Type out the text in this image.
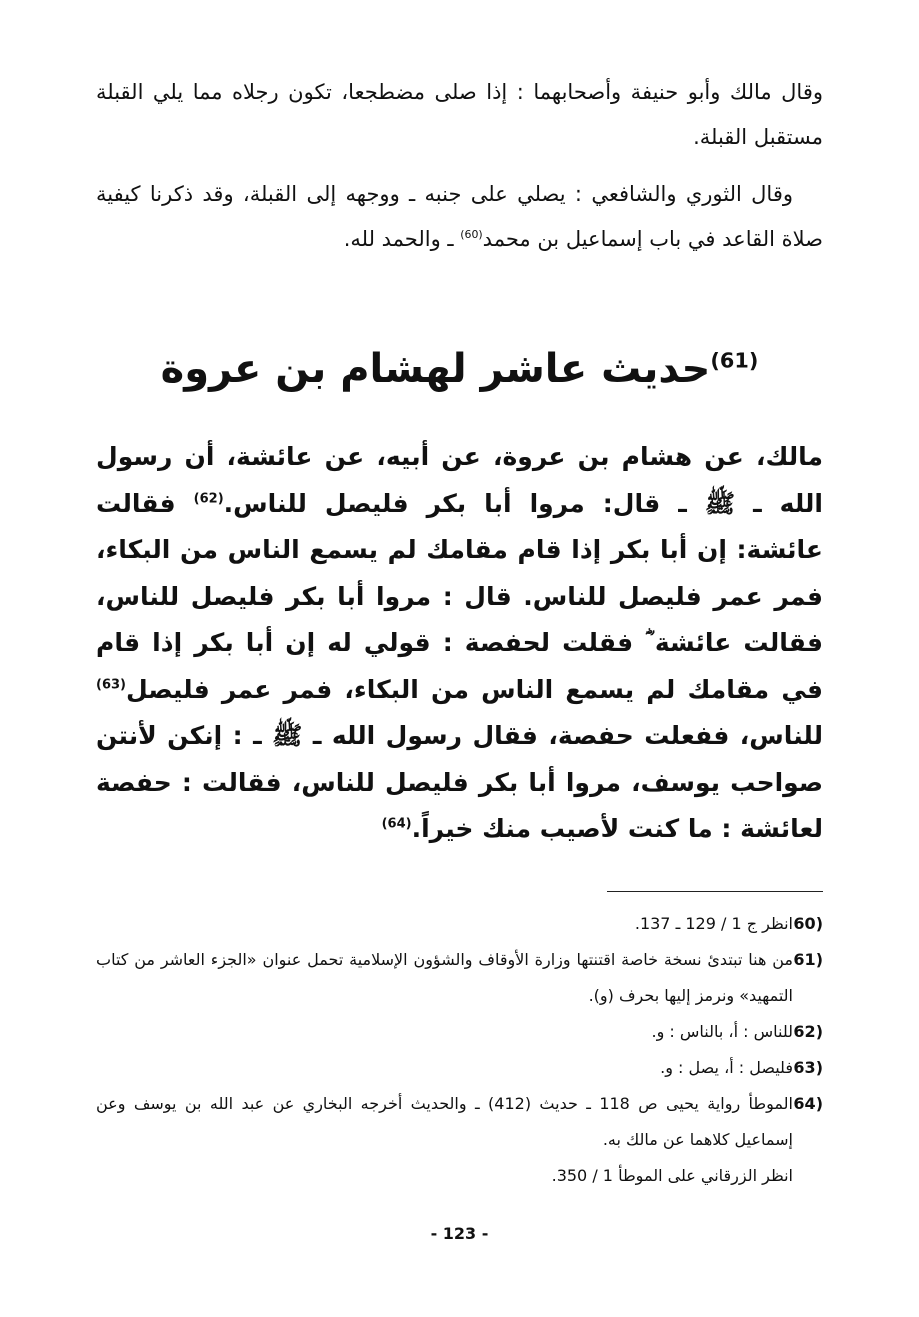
وقال مالك وأبو حنيفة وأصحابهما : إذا صلى مضطجعا، تكون رجلاه مما يلي القبلة مستقبل القبلة.

وقال الثوري والشافعي : يصلي على جنبه ـ ووجهه إلى القبلة، وقد ذكرنا كيفية صلاة القاعد في باب إسماعيل بن محمد$^{(60)}$ ـ والحمد لله.

$^{(61)}$حديث عاشر لهشام بن عروة

مالك، عن هشام بن عروة، عن أبيه، عن عائشة، أن رسول الله ـ ﷺ ـ قال: مروا أبا بكر فليصل للناس.$^{(62)}$ فقالت عائشة: إن أبا بكر إذا قام مقامك لم يسمع الناس من البكاء، فمر عمر فليصل للناس. قال : مروا أبا بكر فليصل للناس، فقالت عائشة ؓ فقلت لحفصة : قولي له إن أبا بكر إذا قام في مقامك لم يسمع الناس من البكاء، فمر عمر فليصل$^{(63)}$ للناس، ففعلت حفصة، فقال رسول الله ـ ﷺ ـ : إنكن لأنتن صواحب يوسف، مروا أبا بكر فليصل للناس، فقالت : حفصة لعائشة : ما كنت لأصيب منك خيراً.$^{(64)}$

(60
انظر ج 1 / 129 ـ 137.
(61
من هنا تبتدئ نسخة خاصة اقتنتها وزارة الأوقاف والشؤون الإسلامية تحمل عنوان «الجزء العاشر من كتاب التمهيد» ونرمز إليها بحرف (و).
(62
للناس : أ، بالناس : و.
(63
فليصل : أ، يصل : و.
(64
الموطأ رواية يحيى ص 118 ـ حديث (412) ـ والحديث أخرجه البخاري عن عبد الله بن يوسف وعن إسماعيل كلاهما عن مالك به.
انظر الزرقاني على الموطأ 1 / 350.
- 123 -
